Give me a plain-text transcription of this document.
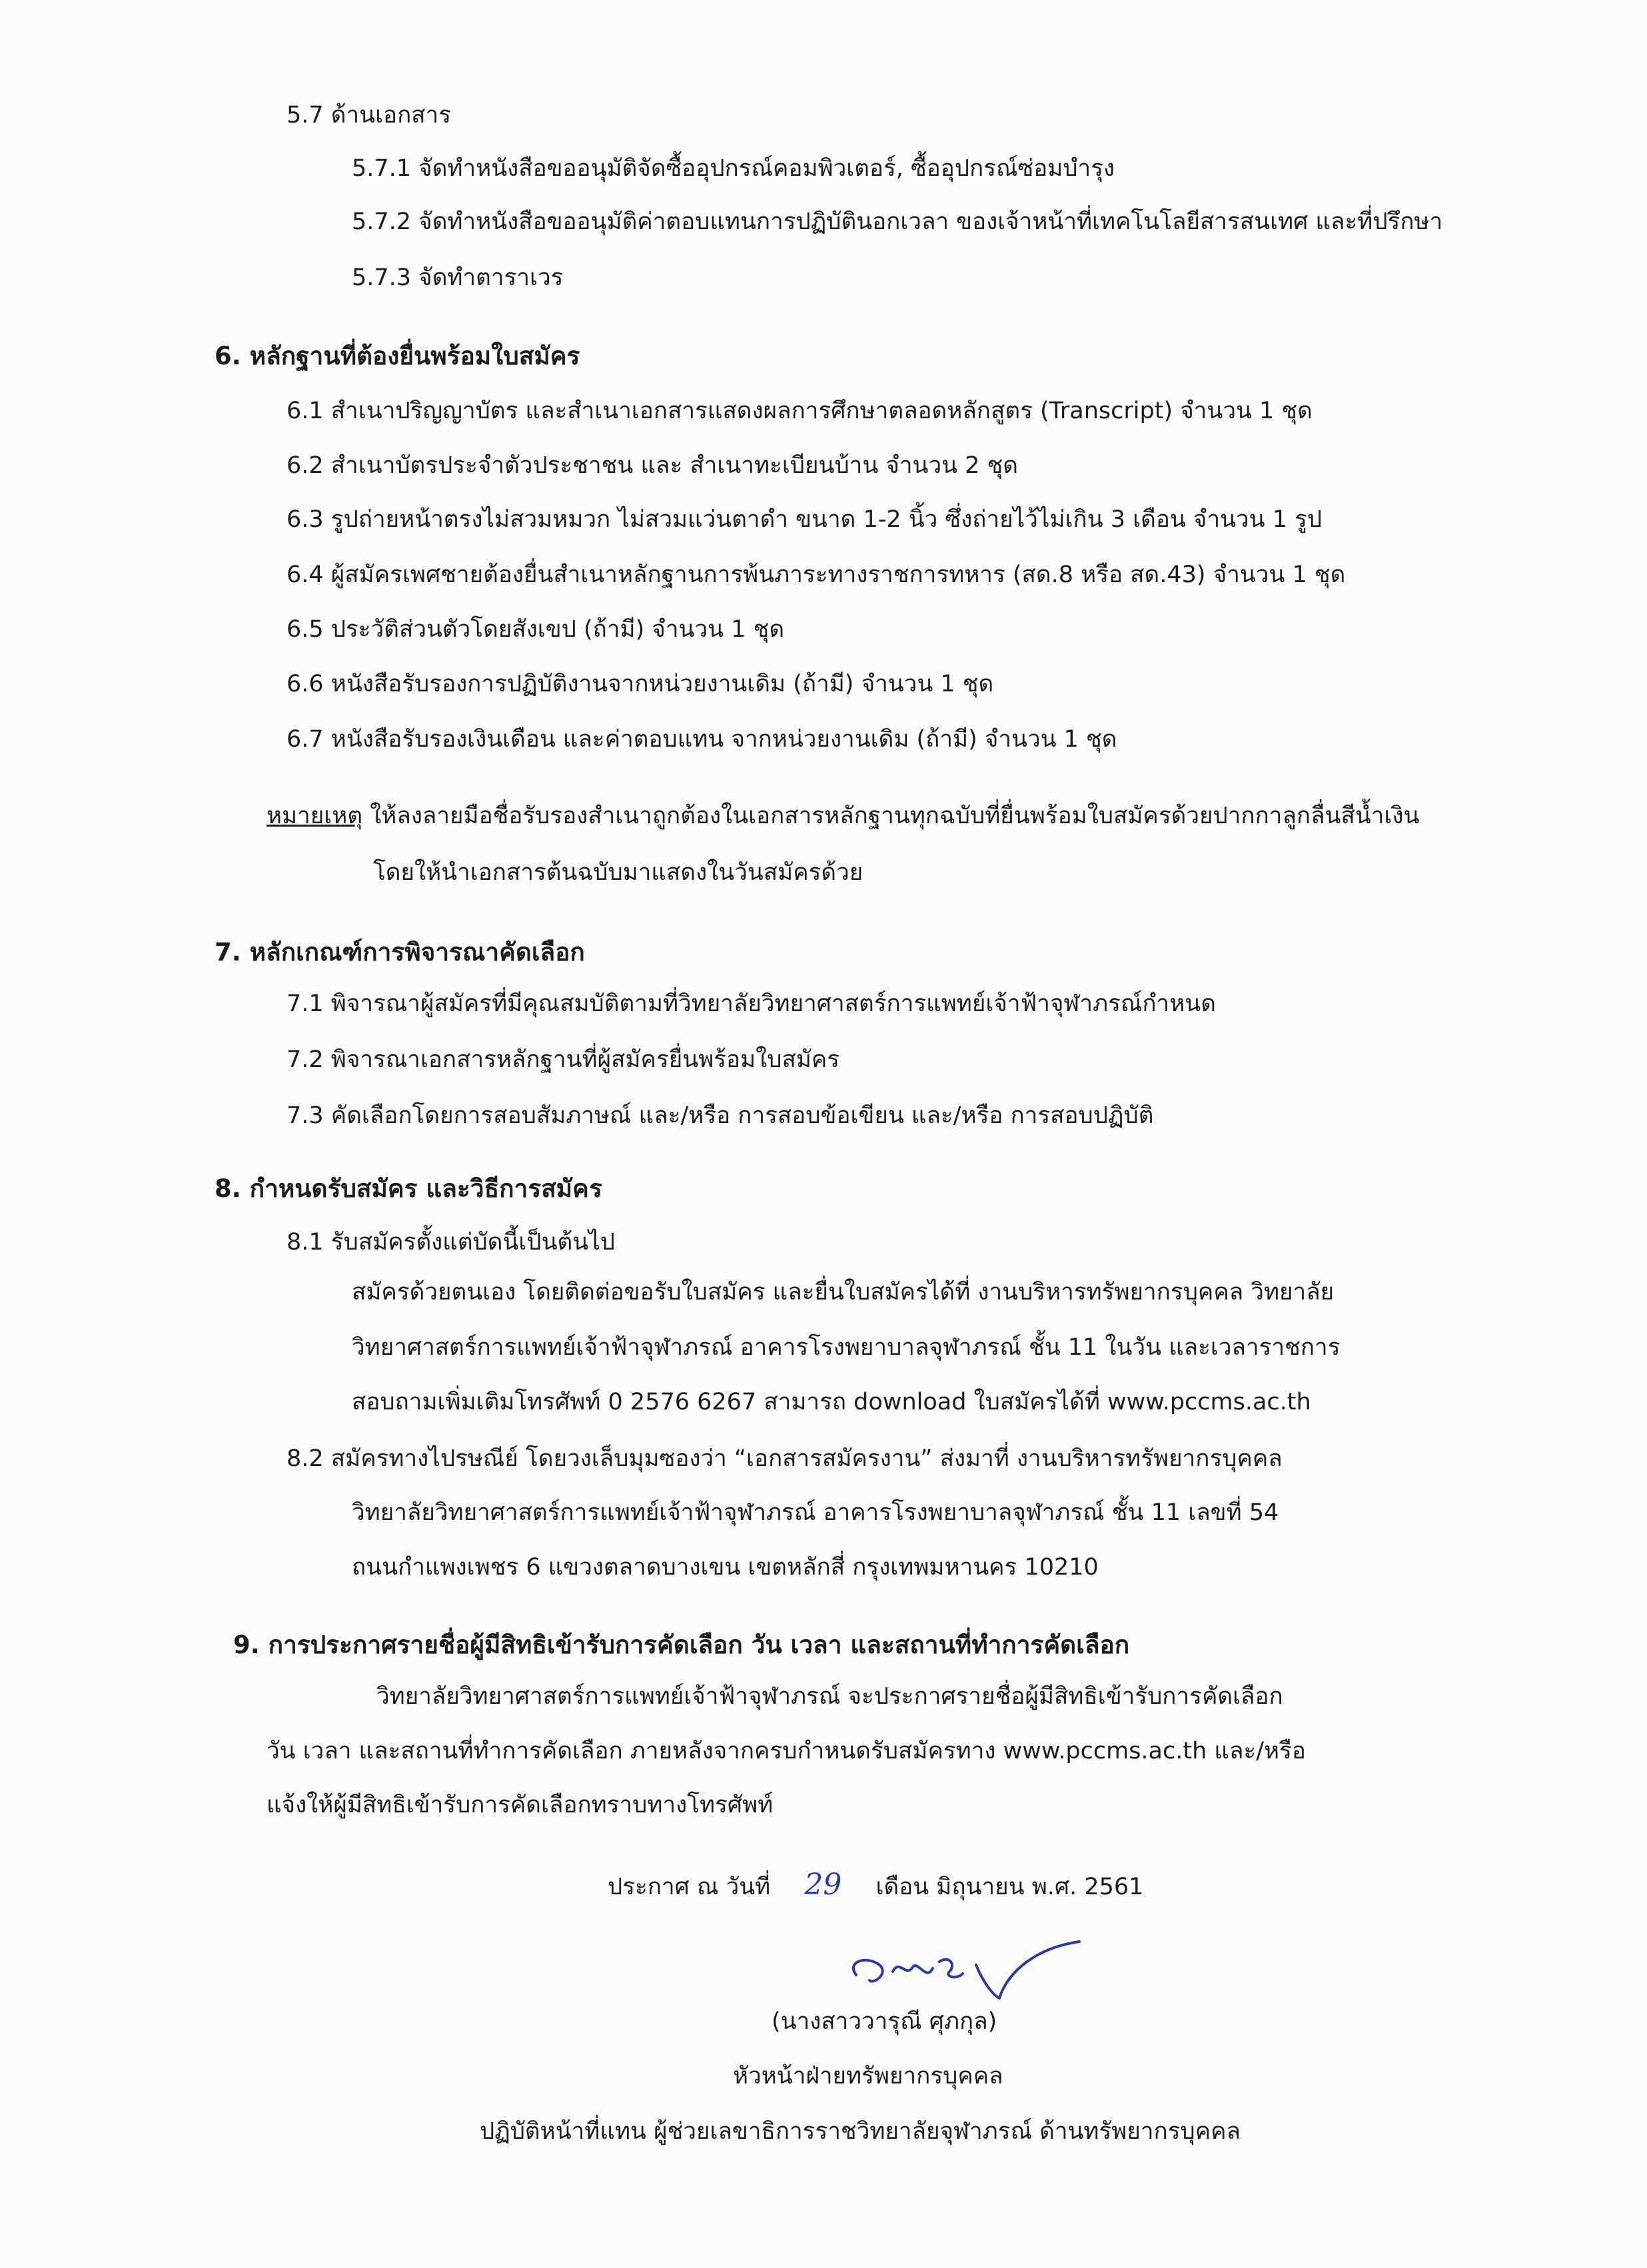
5.7 ด้านเอกสาร
5.7.1 จัดทำหนังสือขออนุมัติจัดซื้ออุปกรณ์คอมพิวเตอร์, ซื้ออุปกรณ์ซ่อมบำรุง
5.7.2 จัดทำหนังสือขออนุมัติค่าตอบแทนการปฏิบัตินอกเวลา ของเจ้าหน้าที่เทคโนโลยีสารสนเทศ และที่ปรึกษา
5.7.3 จัดทำตาราเวร
6. หลักฐานที่ต้องยื่นพร้อมใบสมัคร
6.1 สำเนาปริญญาบัตร และสำเนาเอกสารแสดงผลการศึกษาตลอดหลักสูตร (Transcript) จำนวน 1 ชุด
6.2 สำเนาบัตรประจำตัวประชาชน และ สำเนาทะเบียนบ้าน จำนวน 2 ชุด
6.3 รูปถ่ายหน้าตรงไม่สวมหมวก ไม่สวมแว่นตาดำ ขนาด 1-2 นิ้ว ซึ่งถ่ายไว้ไม่เกิน 3 เดือน จำนวน 1 รูป
6.4 ผู้สมัครเพศชายต้องยื่นสำเนาหลักฐานการพ้นภาระทางราชการทหาร (สด.8 หรือ สด.43) จำนวน 1 ชุด
6.5 ประวัติส่วนตัวโดยสังเขป (ถ้ามี) จำนวน 1 ชุด
6.6 หนังสือรับรองการปฏิบัติงานจากหน่วยงานเดิม (ถ้ามี) จำนวน 1 ชุด
6.7 หนังสือรับรองเงินเดือน และค่าตอบแทน จากหน่วยงานเดิม (ถ้ามี) จำนวน 1 ชุด
หมายเหตุ ให้ลงลายมือชื่อรับรองสำเนาถูกต้องในเอกสารหลักฐานทุกฉบับที่ยื่นพร้อมใบสมัครด้วยปากกาลูกลื่นสีน้ำเงิน
โดยให้นำเอกสารต้นฉบับมาแสดงในวันสมัครด้วย
7. หลักเกณฑ์การพิจารณาคัดเลือก
7.1 พิจารณาผู้สมัครที่มีคุณสมบัติตามที่วิทยาลัยวิทยาศาสตร์การแพทย์เจ้าฟ้าจุฬาภรณ์กำหนด
7.2 พิจารณาเอกสารหลักฐานที่ผู้สมัครยื่นพร้อมใบสมัคร
7.3 คัดเลือกโดยการสอบสัมภาษณ์ และ/หรือ การสอบข้อเขียน และ/หรือ การสอบปฏิบัติ
8. กำหนดรับสมัคร และวิธีการสมัคร
8.1 รับสมัครตั้งแต่บัดนี้เป็นต้นไป
สมัครด้วยตนเอง โดยติดต่อขอรับใบสมัคร และยื่นใบสมัครได้ที่ งานบริหารทรัพยากรบุคคล วิทยาลัย
วิทยาศาสตร์การแพทย์เจ้าฟ้าจุฬาภรณ์ อาคารโรงพยาบาลจุฬาภรณ์ ชั้น 11 ในวัน และเวลาราชการ
สอบถามเพิ่มเติมโทรศัพท์ 0 2576 6267 สามารถ download ใบสมัครได้ที่ www.pccms.ac.th
8.2 สมัครทางไปรษณีย์ โดยวงเล็บมุมซองว่า “เอกสารสมัครงาน” ส่งมาที่ งานบริหารทรัพยากรบุคคล
วิทยาลัยวิทยาศาสตร์การแพทย์เจ้าฟ้าจุฬาภรณ์ อาคารโรงพยาบาลจุฬาภรณ์ ชั้น 11 เลขที่ 54
ถนนกำแพงเพชร 6 แขวงตลาดบางเขน เขตหลักสี่ กรุงเทพมหานคร 10210
9. การประกาศรายชื่อผู้มีสิทธิเข้ารับการคัดเลือก วัน เวลา และสถานที่ทำการคัดเลือก
วิทยาลัยวิทยาศาสตร์การแพทย์เจ้าฟ้าจุฬาภรณ์ จะประกาศรายชื่อผู้มีสิทธิเข้ารับการคัดเลือก
วัน เวลา และสถานที่ทำการคัดเลือก ภายหลังจากครบกำหนดรับสมัครทาง www.pccms.ac.th และ/หรือ
แจ้งให้ผู้มีสิทธิเข้ารับการคัดเลือกทราบทางโทรศัพท์
ประกาศ ณ วันที่ 29 เดือน มิถุนายน พ.ศ. 2561
(นางสาววารุณี ศุภกุล)
หัวหน้าฝ่ายทรัพยากรบุคคล
ปฏิบัติหน้าที่แทน ผู้ช่วยเลขาธิการราชวิทยาลัยจุฬาภรณ์ ด้านทรัพยากรบุคคล
